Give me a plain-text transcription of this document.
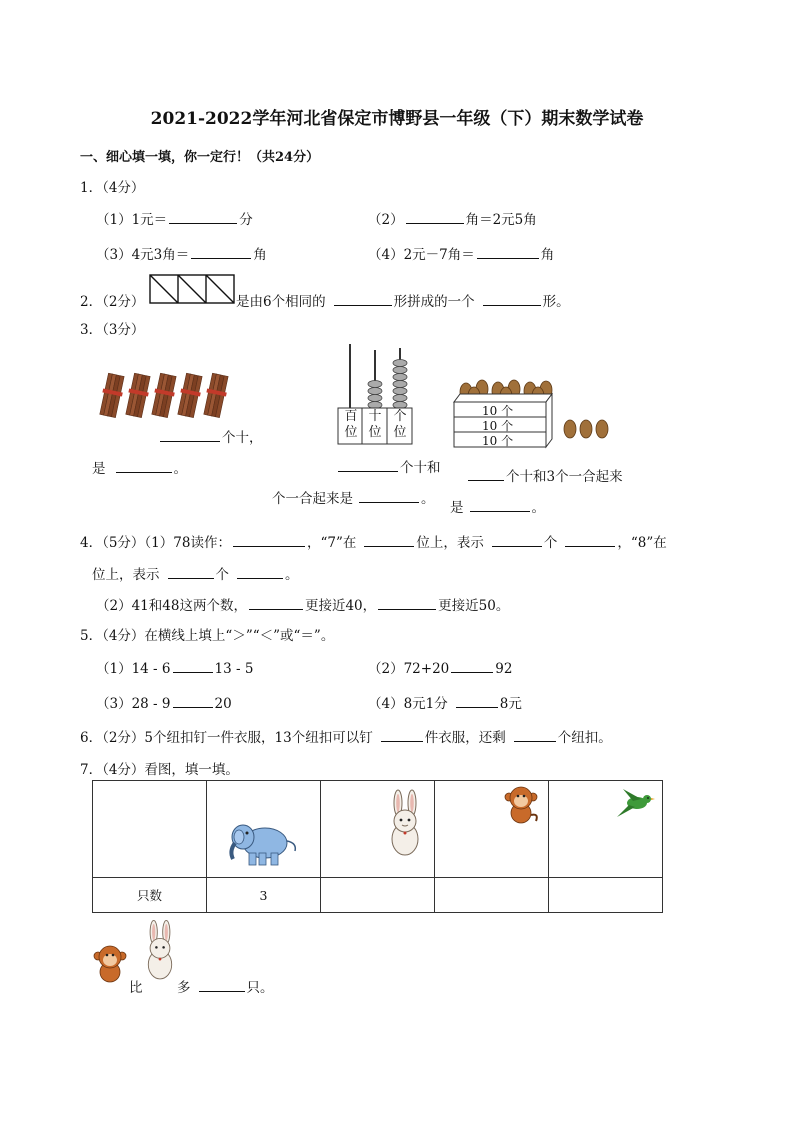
2021-2022学年河北省保定市博野县一年级（下）期末数学试卷
一、细心填一填，你一定行！（共24分）
1．（4分）
（1）1元＝	分	（2）	角＝2元5角
（3）4元3角＝	角	（4）2元－7角＝	角
2．（2分）	是由6个相同的	形拼成的一个	形。
3．（3分）
个十，
是	。
百
位
十
位
个
位
个十和
个一合起来是	。
10 个
10 个
10 个
个十和3个一合起来
是	。
4．（5分）（1）78读作：	，“7”在	位上，表示	个	，“8”在
位上，表示	个	。
（2）41和48这两个数，	更接近40，	更接近50。
5．（4分）在横线上填上“＞”“＜”或“＝”。
（1）14 - 6	13 - 5	（2）72+20	92
（3）28 - 9	20	（4）8元1分	8元
6．（2分）5个纽扣钉一件衣服，13个纽扣可以钉	件衣服，还剩	个纽扣。
7．（4分）看图，填一填。

只数	3			
比	多	只。
